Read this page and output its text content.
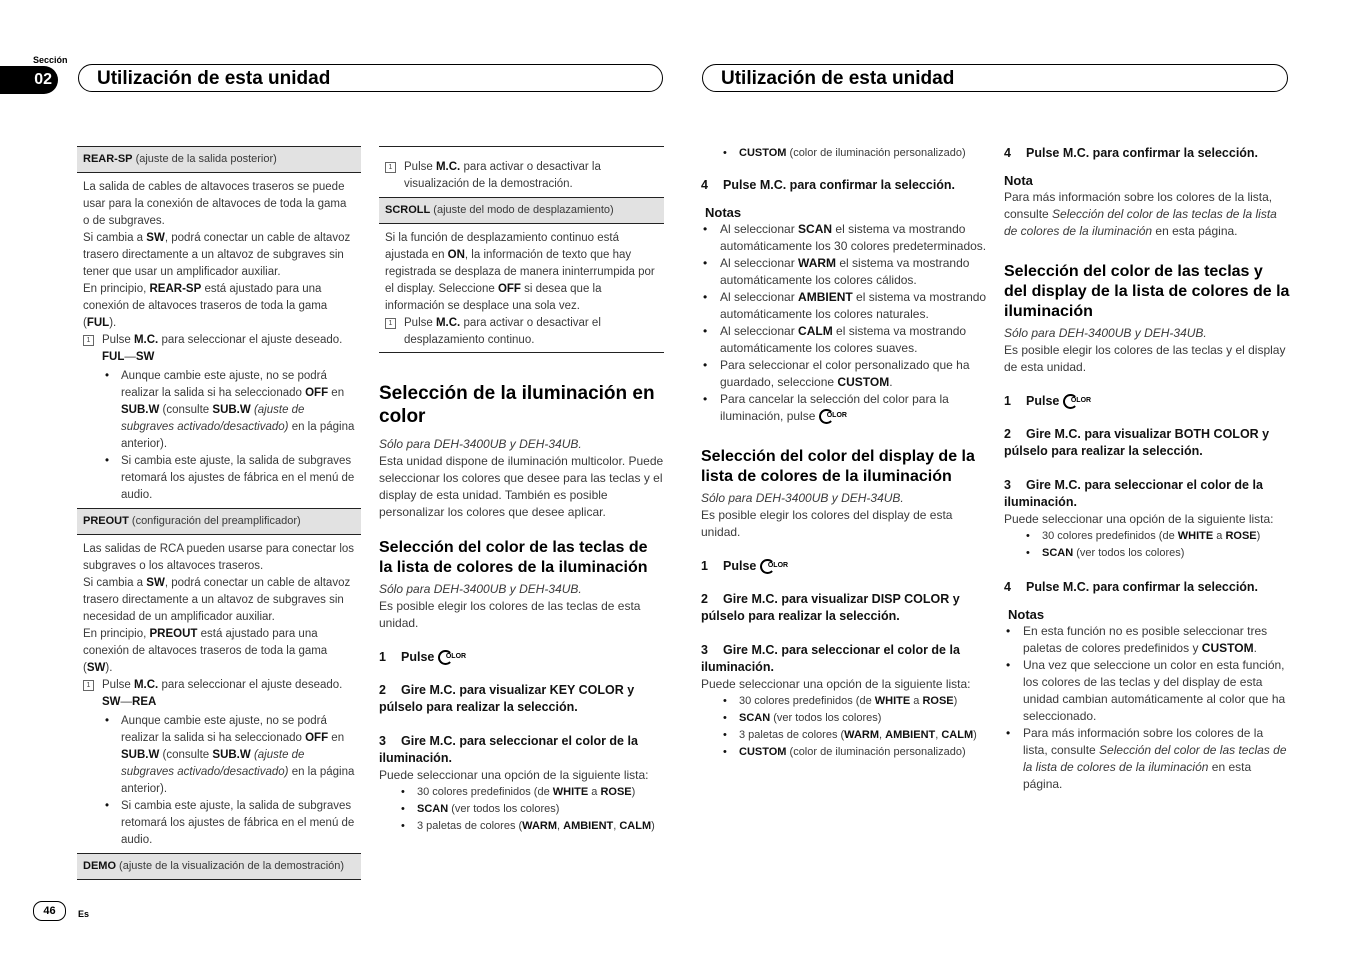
Sección
02	Utilización de esta unidad	Utilización de esta unidad
REAR-SP (ajuste de la salida posterior)

La salida de cables de altavoces traseros se puede usar para la conexión de altavoces de toda la gama o de subgraves.

Si cambia a SW, podrá conectar un cable de altavoz trasero directamente a un altavoz de subgraves sin tener que usar un amplificador auxiliar.

En principio, REAR-SP está ajustado para una conexión de altavoces traseros de toda la gama (FUL).

1	Pulse M.C. para seleccionar el ajuste deseado.
FUL—SW
• Aunque cambie este ajuste, no se podrá realizar la salida si ha seleccionado OFF en SUB.W (consulte SUB.W (ajuste de subgraves activado/desactivado) en la página anterior).
• Si cambia este ajuste, la salida de subgraves retomará los ajustes de fábrica en el menú de audio.
PREOUT (configuración del preamplificador)

Las salidas de RCA pueden usarse para conectar los subgraves o los altavoces traseros.

Si cambia a SW, podrá conectar un cable de altavoz trasero directamente a un altavoz de subgraves sin necesidad de un amplificador auxiliar.

En principio, PREOUT está ajustado para una conexión de altavoces traseros de toda la gama (SW).

1	Pulse M.C. para seleccionar el ajuste deseado.
SW—REA
• Aunque cambie este ajuste, no se podrá realizar la salida si ha seleccionado OFF en SUB.W (consulte SUB.W (ajuste de subgraves activado/desactivado) en la página anterior).
• Si cambia este ajuste, la salida de subgraves retomará los ajustes de fábrica en el menú de audio.
DEMO (ajuste de la visualización de la demostración)
1	Pulse M.C. para activar o desactivar la visualización de la demostración.
SCROLL (ajuste del modo de desplazamiento)

Si la función de desplazamiento continuo está ajustada en ON, la información de texto que hay registrada se desplaza de manera ininterrumpida por el display. Seleccione OFF si desea que la información se desplace una sola vez.

1	Pulse M.C. para activar o desactivar el desplazamiento continuo.
Selección de la iluminación en color

Sólo para DEH-3400UB y DEH-34UB.

Esta unidad dispone de iluminación multicolor. Puede seleccionar los colores que desee para las teclas y el display de esta unidad. También es posible personalizar los colores que desee aplicar.

Selección del color de las teclas de la lista de colores de la iluminación

Sólo para DEH-3400UB y DEH-34UB.

Es posible elegir los colores de las teclas de esta unidad.

1 Pulse OLOR

2 Gire M.C. para visualizar KEY COLOR y púlselo para realizar la selección.

3 Gire M.C. para seleccionar el color de la iluminación.

Puede seleccionar una opción de la siguiente lista:

• 30 colores predefinidos (de WHITE a ROSE)
• SCAN (ver todos los colores)
• 3 paletas de colores (WARM, AMBIENT, CALM)
• CUSTOM (color de iluminación personalizado)

4 Pulse M.C. para confirmar la selección.

Notas

• Al seleccionar SCAN el sistema va mostrando automáticamente los 30 colores predeterminados.
• Al seleccionar WARM el sistema va mostrando automáticamente los colores cálidos.
• Al seleccionar AMBIENT el sistema va mostrando automáticamente los colores naturales.
• Al seleccionar CALM el sistema va mostrando automáticamente los colores suaves.
• Para seleccionar el color personalizado que ha guardado, seleccione CUSTOM.
• Para cancelar la selección del color para la iluminación, pulse OLOR
Selección del color del display de la lista de colores de la iluminación

Sólo para DEH-3400UB y DEH-34UB.

Es posible elegir los colores del display de esta unidad.

1 Pulse OLOR

2 Gire M.C. para visualizar DISP COLOR y púlselo para realizar la selección.

3 Gire M.C. para seleccionar el color de la iluminación.

Puede seleccionar una opción de la siguiente lista:

• 30 colores predefinidos (de WHITE a ROSE)
• SCAN (ver todos los colores)
• 3 paletas de colores (WARM, AMBIENT, CALM)
• CUSTOM (color de iluminación personalizado)

4 Pulse M.C. para confirmar la selección.

Nota

Para más información sobre los colores de la lista, consulte Selección del color de las teclas de la lista de colores de la iluminación en esta página.

Selección del color de las teclas y del display de la lista de colores de la iluminación

Sólo para DEH-3400UB y DEH-34UB.

Es posible elegir los colores de las teclas y el display de esta unidad.

1 Pulse OLOR

2 Gire M.C. para visualizar BOTH COLOR y púlselo para realizar la selección.

3 Gire M.C. para seleccionar el color de la iluminación.

Puede seleccionar una opción de la siguiente lista:

• 30 colores predefinidos (de WHITE a ROSE)
• SCAN (ver todos los colores)

4 Pulse M.C. para confirmar la selección.

Notas

• En esta función no es posible seleccionar tres paletas de colores predefinidos y CUSTOM.
• Una vez que seleccione un color en esta función, los colores de las teclas y del display de esta unidad cambian automáticamente al color que ha seleccionado.
• Para más información sobre los colores de la lista, consulte Selección del color de las teclas de la lista de colores de la iluminación en esta página.
46	Es
